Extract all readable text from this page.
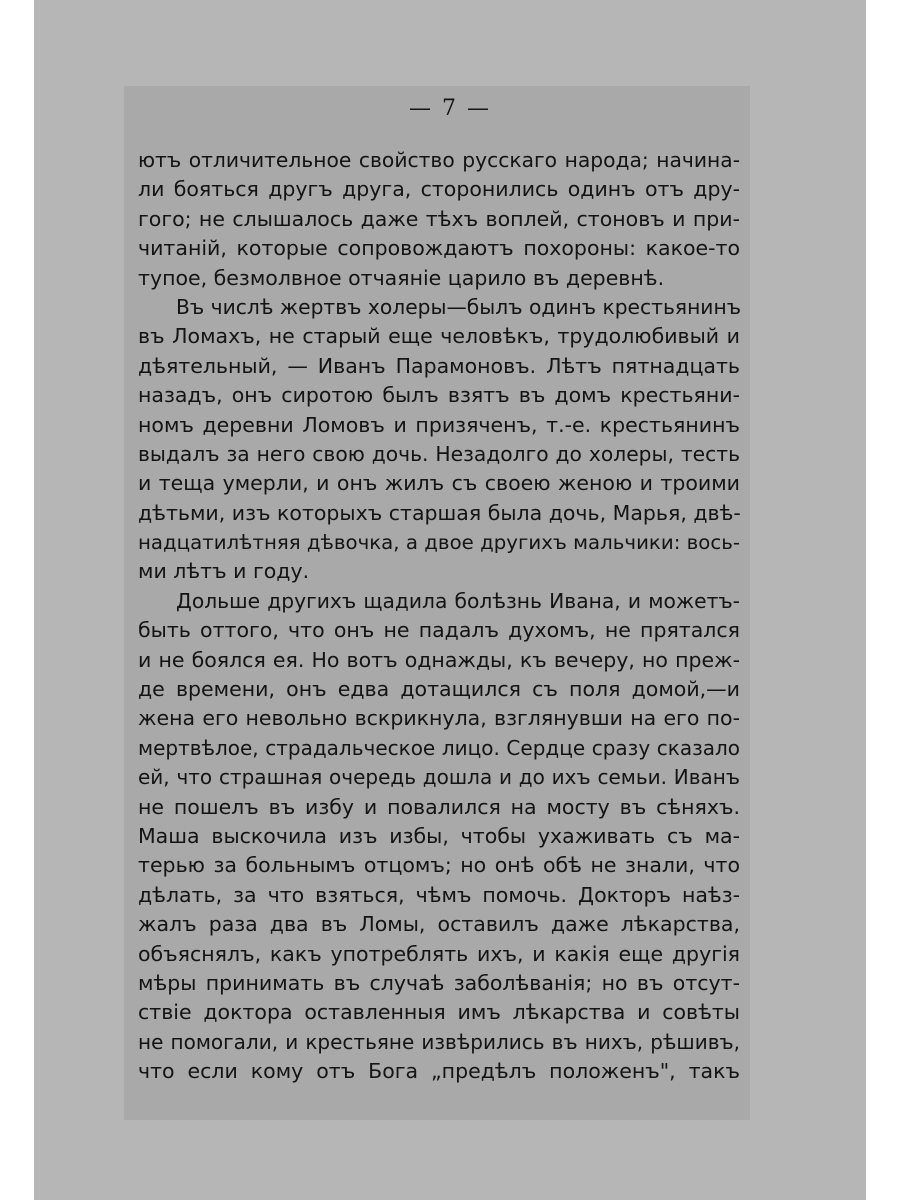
— 7 —

ютъ отличительное свойство русскаго народа; начина-
ли бояться другъ друга, сторонились одинъ отъ дру-
гого; не слышалось даже тѣхъ воплей, стоновъ и при-
читаній, которые сопровождаютъ похороны: какое-то
тупое, безмолвное отчаяніе царило въ деревнѣ.

Въ числѣ жертвъ холеры—былъ одинъ крестьянинъ
въ Ломахъ, не старый еще человѣкъ, трудолюбивый и
дѣятельный, — Иванъ Парамоновъ. Лѣтъ пятнадцать
назадъ, онъ сиротою былъ взятъ въ домъ крестьяни-
номъ деревни Ломовъ и призяченъ, т.-е. крестьянинъ
выдалъ за него свою дочь. Незадолго до холеры, тесть
и теща умерли, и онъ жилъ съ своею женою и троими
дѣтьми, изъ которыхъ старшая была дочь, Марья, двѣ-
надцатилѣтняя дѣвочка, а двое другихъ мальчики: вось-
ми лѣтъ и году.

Дольше другихъ щадила болѣзнь Ивана, и можетъ-
быть оттого, что онъ не падалъ духомъ, не прятался
и не боялся ея. Но вотъ однажды, къ вечеру, но преж-
де времени, онъ едва дотащился съ поля домой,—и
жена его невольно вскрикнула, взглянувши на его по-
мертвѣлое, страдальческое лицо. Сердце сразу сказало
ей, что страшная очередь дошла и до ихъ семьи. Иванъ
не пошелъ въ избу и повалился на мосту въ сѣняхъ.
Маша выскочила изъ избы, чтобы ухаживать съ ма-
терью за больнымъ отцомъ; но онѣ обѣ не знали, что
дѣлать, за что взяться, чѣмъ помочь. Докторъ наѣз-
жалъ раза два въ Ломы, оставилъ даже лѣкарства,
объяснялъ, какъ употреблять ихъ, и какія еще другія
мѣры принимать въ случаѣ заболѣванія; но въ отсут-
ствіе доктора оставленныя имъ лѣкарства и совѣты
не помогали, и крестьяне извѣрились въ нихъ, рѣшивъ,
что если кому отъ Бога „предѣлъ положенъ", такъ
